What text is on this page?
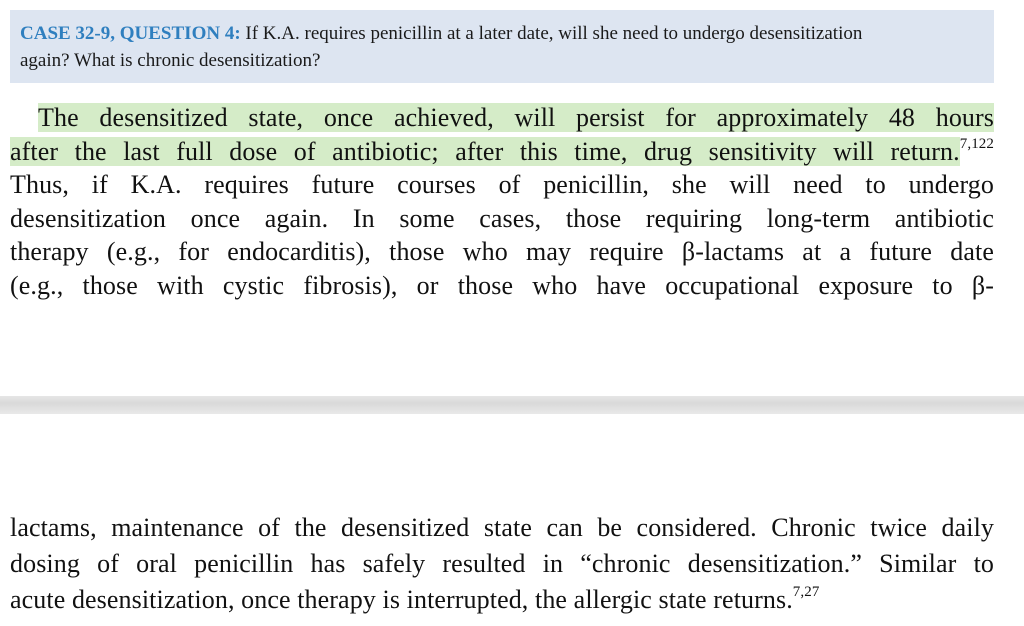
CASE 32-9, QUESTION 4: If K.A. requires penicillin at a later date, will she need to undergo desensitization
again? What is chronic desensitization?
The desensitized state, once achieved, will persist for approximately 48 hours
after the last full dose of antibiotic; after this time, drug sensitivity will return.$^{7,122}$
Thus, if K.A. requires future courses of penicillin, she will need to undergo
desensitization once again. In some cases, those requiring long-term antibiotic
therapy (e.g., for endocarditis), those who may require β-lactams at a future date
(e.g., those with cystic fibrosis), or those who have occupational exposure to β-
lactams, maintenance of the desensitized state can be considered. Chronic twice daily
dosing of oral penicillin has safely resulted in “chronic desensitization.” Similar to
acute desensitization, once therapy is interrupted, the allergic state returns.$^{7,27}$
